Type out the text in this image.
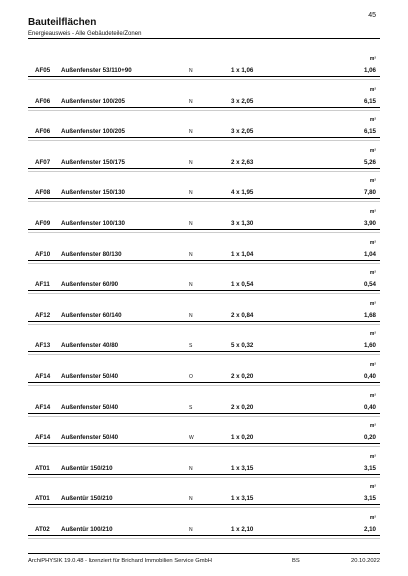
45
Bauteilflächen
Energieausweis - Alle Gebäudeteile/Zonen
m²
AF05 Außenfenster 53/110+90	N	1 x 1,06	1,06
m²
AF06 Außenfenster 100/205	N	3 x 2,05	6,15
m²
AF06 Außenfenster 100/205	N	3 x 2,05	6,15
m²
AF07 Außenfenster 150/175	N	2 x 2,63	5,26
m²
AF08 Außenfenster 150/130	N	4 x 1,95	7,80
m²
AF09 Außenfenster 100/130	N	3 x 1,30	3,90
m²
AF10 Außenfenster 80/130	N	1 x 1,04	1,04
m²
AF11 Außenfenster 60/90	N	1 x 0,54	0,54
m²
AF12 Außenfenster 60/140	N	2 x 0,84	1,68
m²
AF13 Außenfenster 40/80	S	5 x 0,32	1,60
m²
AF14 Außenfenster 50/40	O	2 x 0,20	0,40
m²
AF14 Außenfenster 50/40	S	2 x 0,20	0,40
m²
AF14 Außenfenster 50/40	W	1 x 0,20	0,20
m²
AT01 Außentür 150/210	N	1 x 3,15	3,15
m²
AT01 Außentür 150/210	N	1 x 3,15	3,15
m²
AT02 Außentür 100/210	N	1 x 2,10	2,10
ArchiPHYSIK 19.0.48 - lizenziert für Brichard Immobilien Service GmbH	BS	20.10.2022
